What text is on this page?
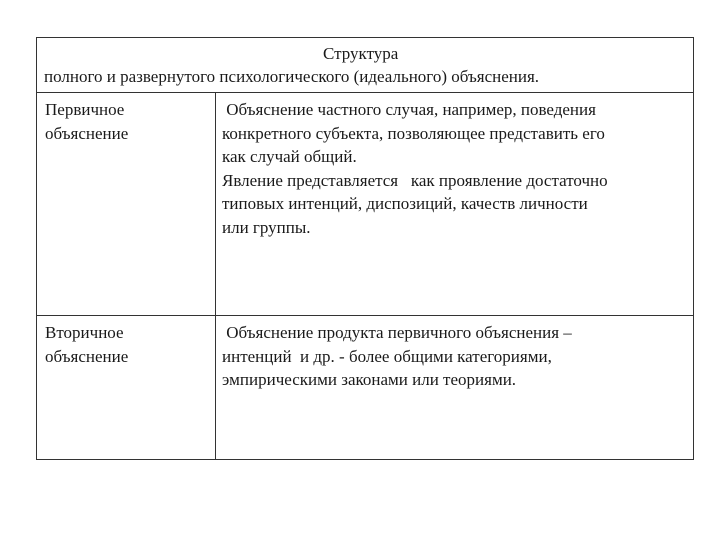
Структура
полного и развернутого психологического (идеального) объяснения.
Первичное
объяснение
Объяснение частного случая, например, поведения
конкретного субъекта, позволяющее представить его
как случай общий.
Явление представляется   как проявление достаточно
типовых интенций, диспозиций, качеств личности
или группы.
Вторичное
объяснение
Объяснение продукта первичного объяснения –
интенций  и др. - более общими категориями,
эмпирическими законами или теориями.
